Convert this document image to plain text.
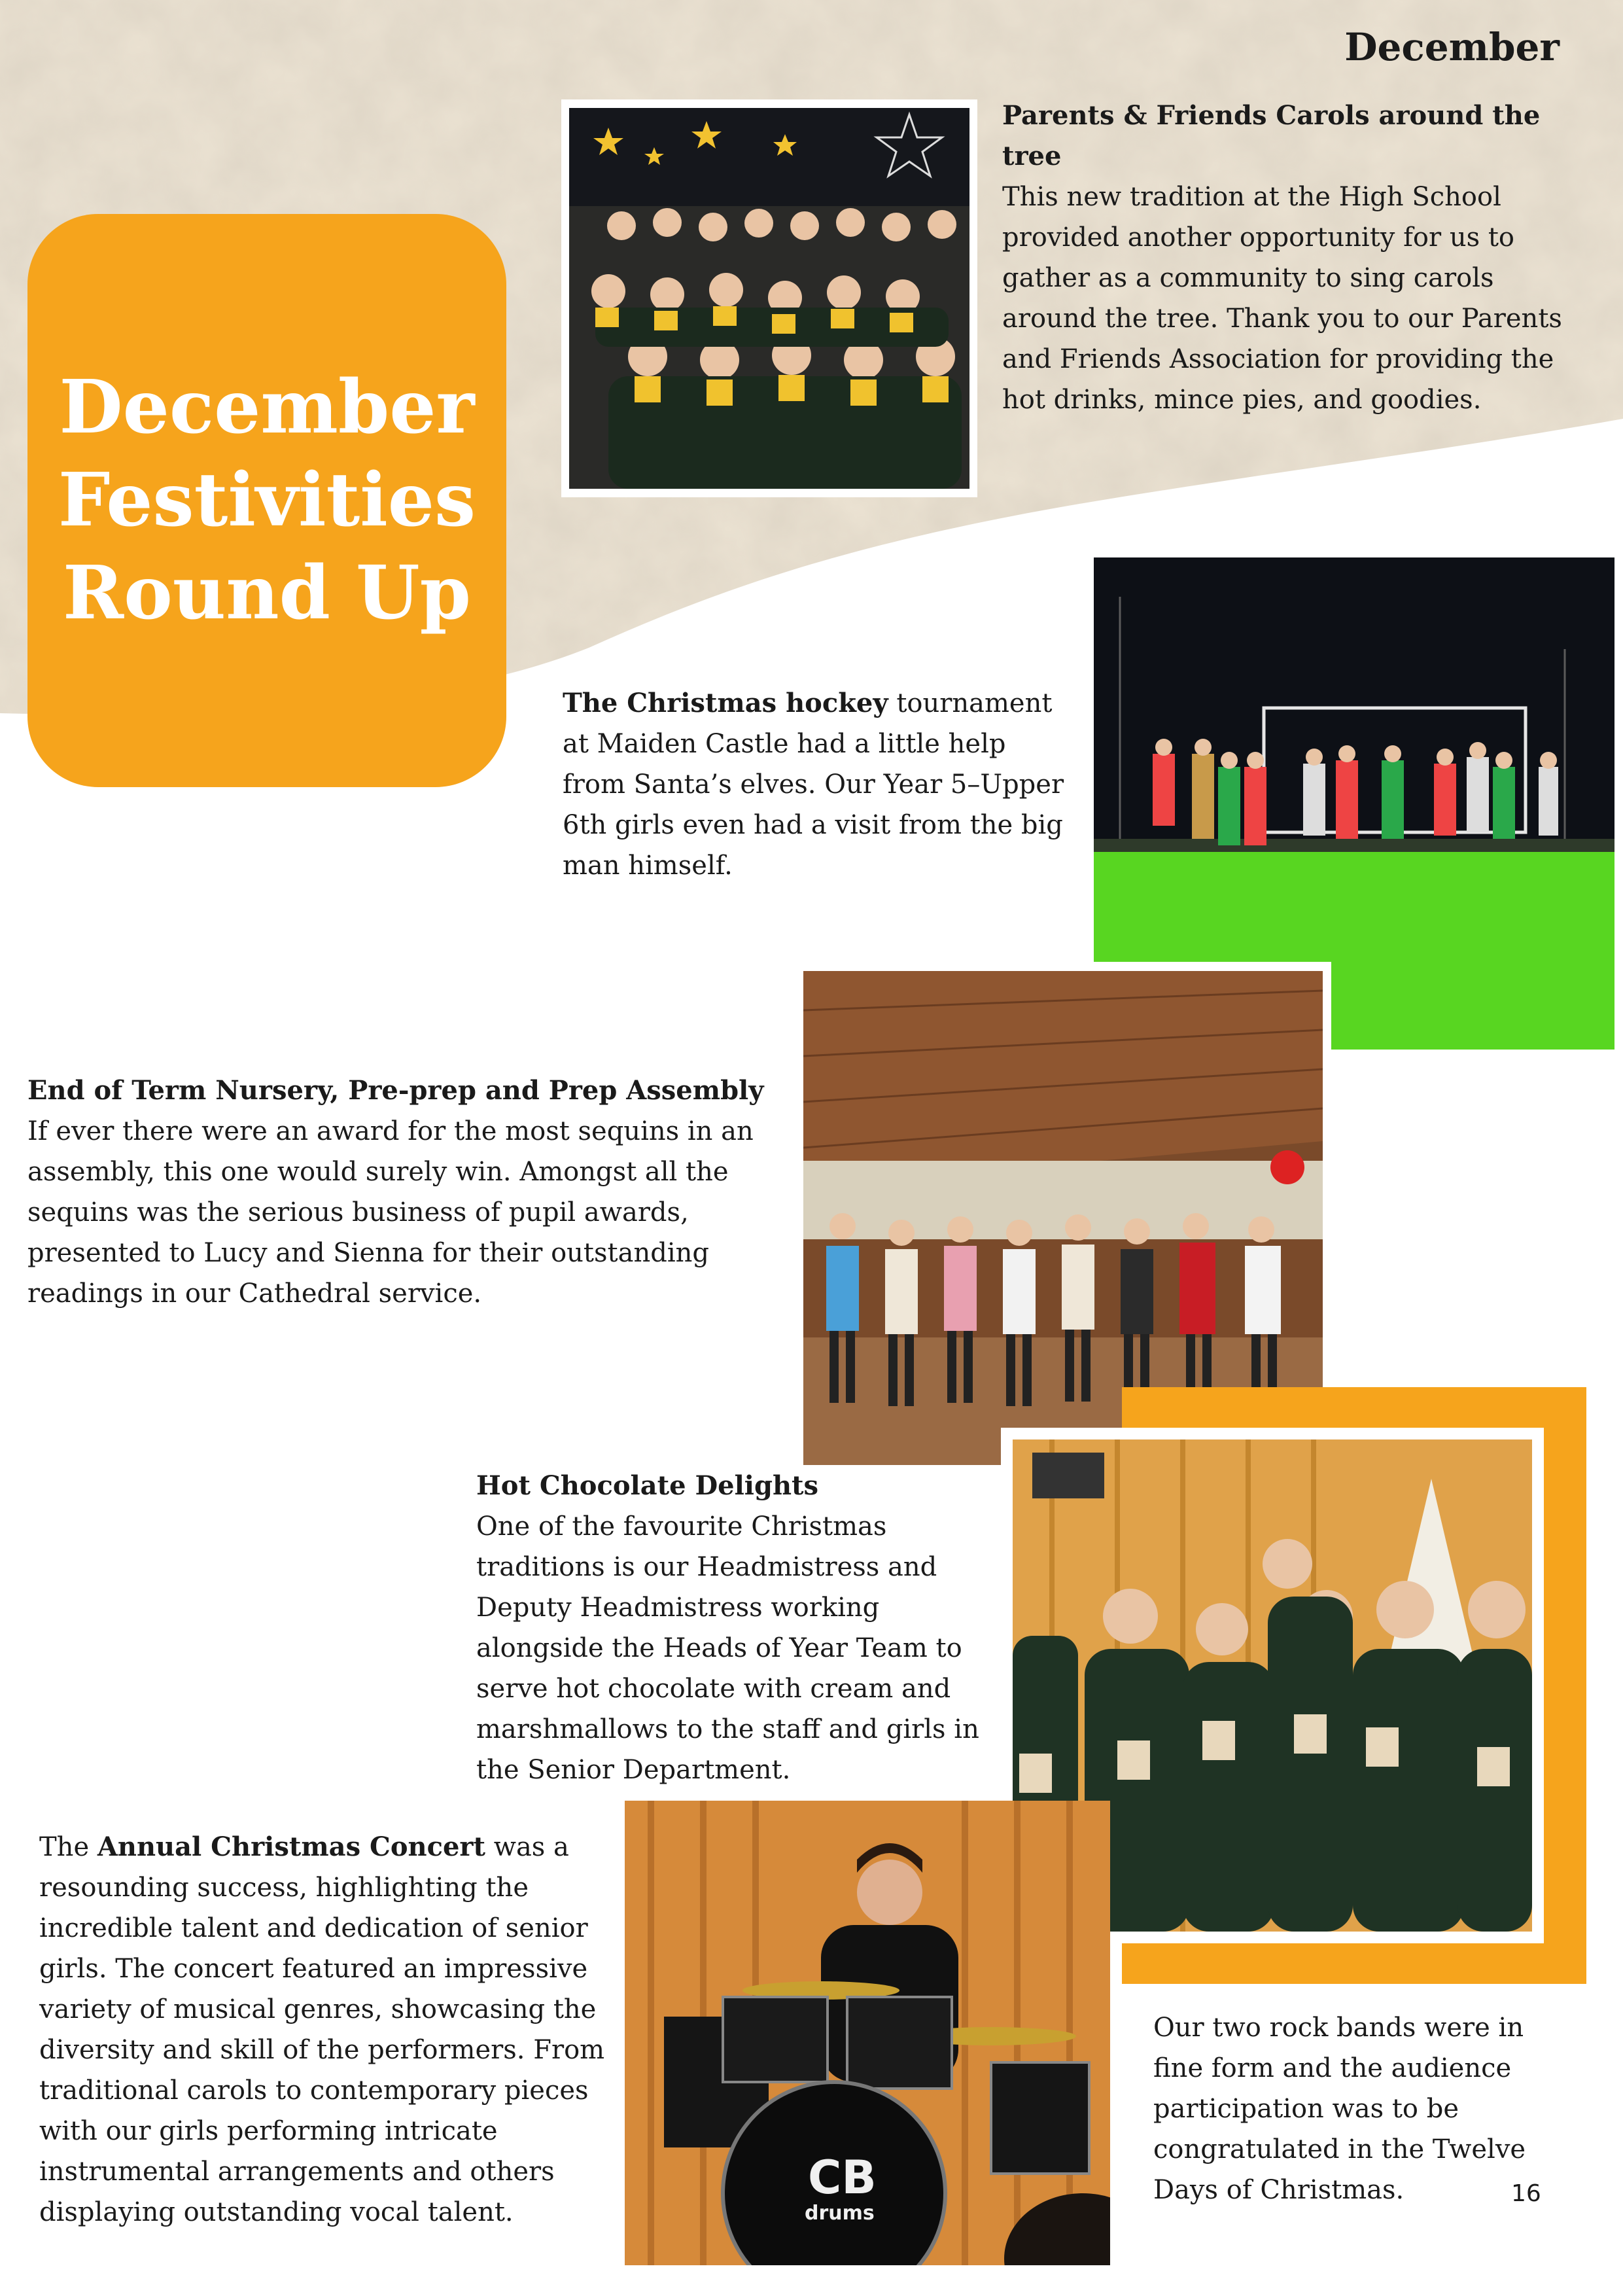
December
December
Festivities
Round Up
Parents & Friends Carols around the tree
This new tradition at the High School provided another opportunity for us to gather as a community to sing carols around the tree. Thank you to our Parents and Friends Association for providing the hot drinks, mince pies, and goodies.
The Christmas hockey tournament at Maiden Castle had a little help from Santa’s elves. Our Year 5–Upper 6th girls even had a visit from the big man himself.
End of Term Nursery, Pre-prep and Prep Assembly
If ever there were an award for the most sequins in an assembly, this one would surely win. Amongst all the sequins was the serious business of pupil awards, presented to Lucy and Sienna for their outstanding readings in our Cathedral service.
Hot Chocolate Delights
One of the favourite Christmas traditions is our Headmistress and Deputy Headmistress working alongside the Heads of Year Team to serve hot chocolate with cream and marshmallows to the staff and girls in the Senior Department.
CB
drums
The Annual Christmas Concert was a resounding success, highlighting the incredible talent and dedication of senior girls. The concert featured an impressive variety of musical genres, showcasing the diversity and skill of the performers. From traditional carols to contemporary pieces with our girls performing intricate instrumental arrangements and others displaying outstanding vocal talent.
Our two rock bands were in fine form and the audience participation was to be congratulated in the Twelve Days of Christmas.	16
